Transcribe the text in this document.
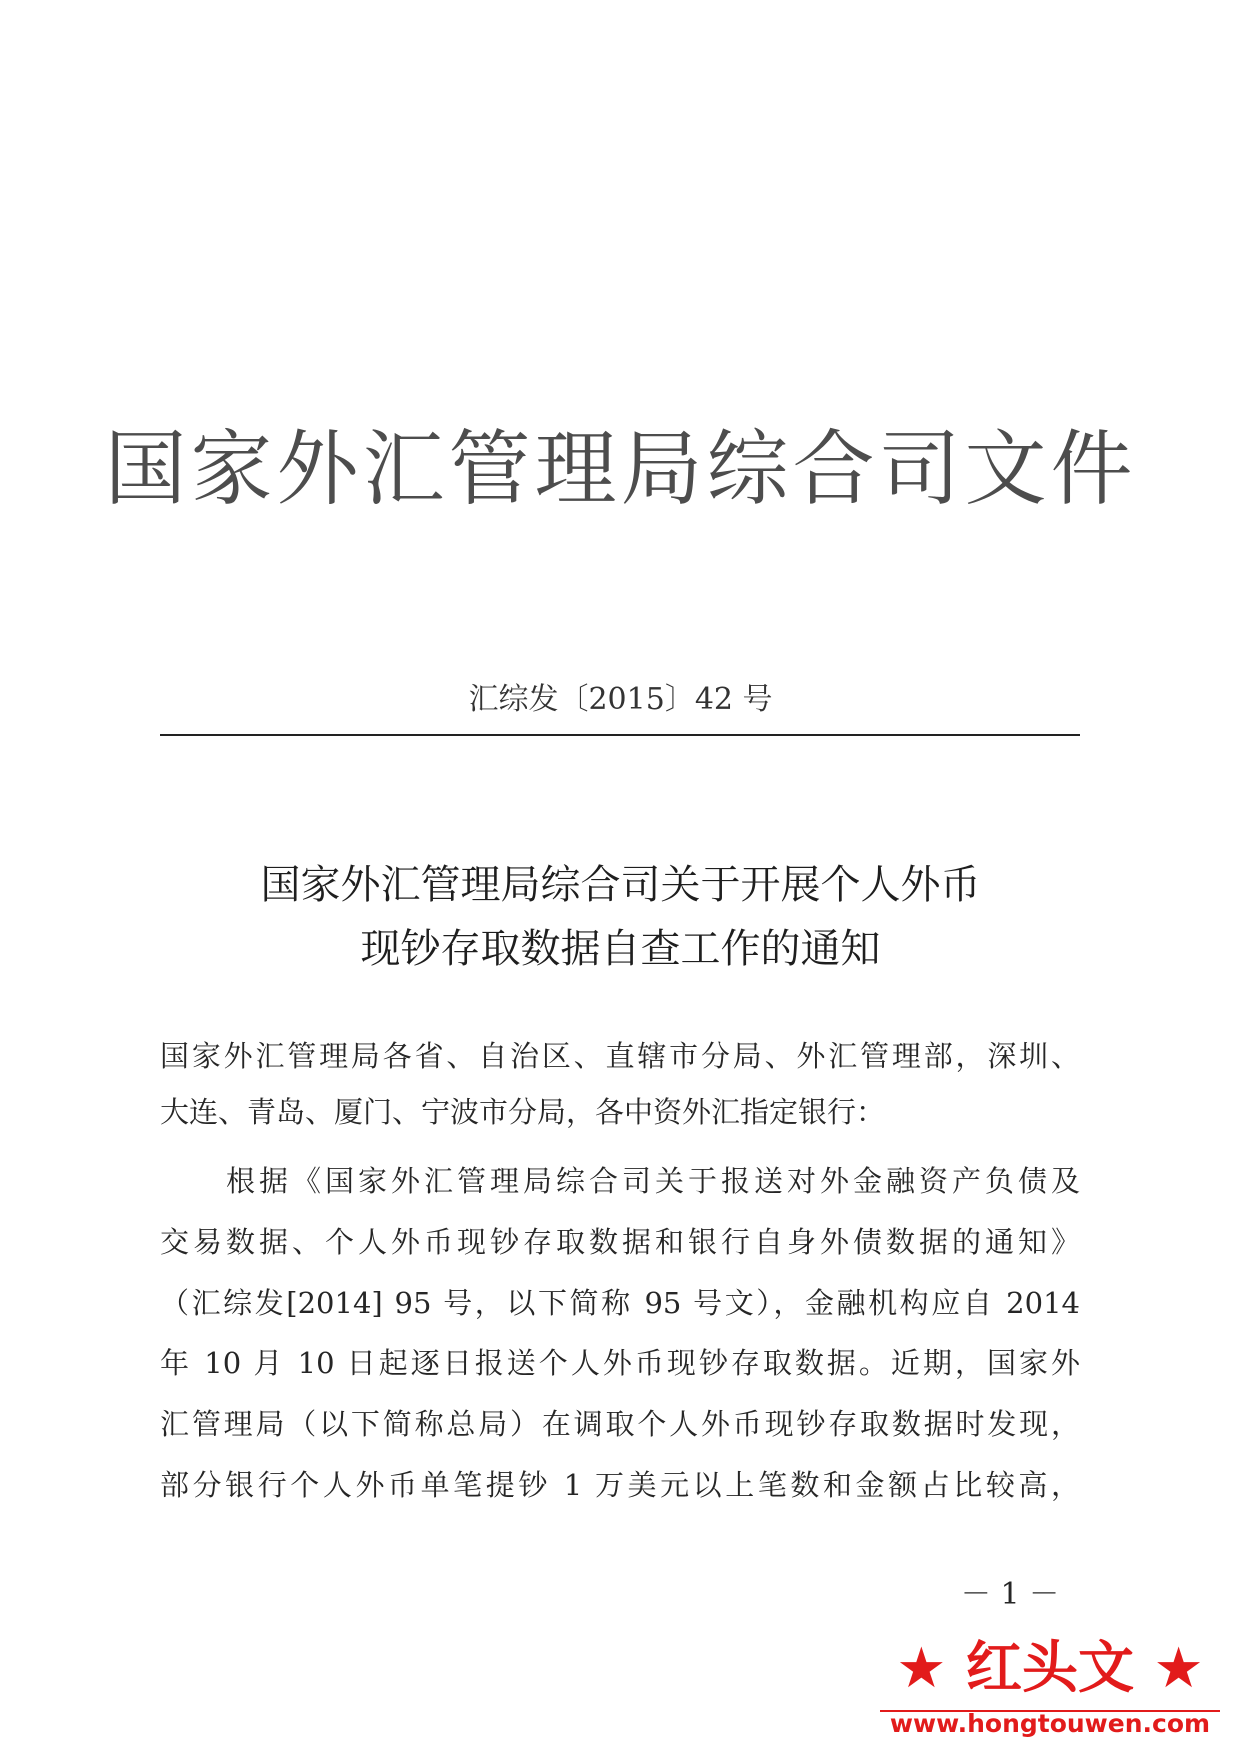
国家外汇管理局综合司文件
汇综发〔2015〕42 号
国家外汇管理局综合司关于开展个人外币
现钞存取数据自查工作的通知
国家外汇管理局各省、自治区、直辖市分局、外汇管理部，深圳、
大连、青岛、厦门、宁波市分局，各中资外汇指定银行：
　　根据《国家外汇管理局综合司关于报送对外金融资产负债及
交易数据、个人外币现钞存取数据和银行自身外债数据的通知》
（汇综发[2014] 95 号，以下简称 95 号文），金融机构应自 2014
年 10 月 10 日起逐日报送个人外币现钞存取数据。近期，国家外
汇管理局（以下简称总局）在调取个人外币现钞存取数据时发现，
部分银行个人外币单笔提钞 1 万美元以上笔数和金额占比较高，
－ 1 －
★ 红头文 ★
www.hongtouwen.com
